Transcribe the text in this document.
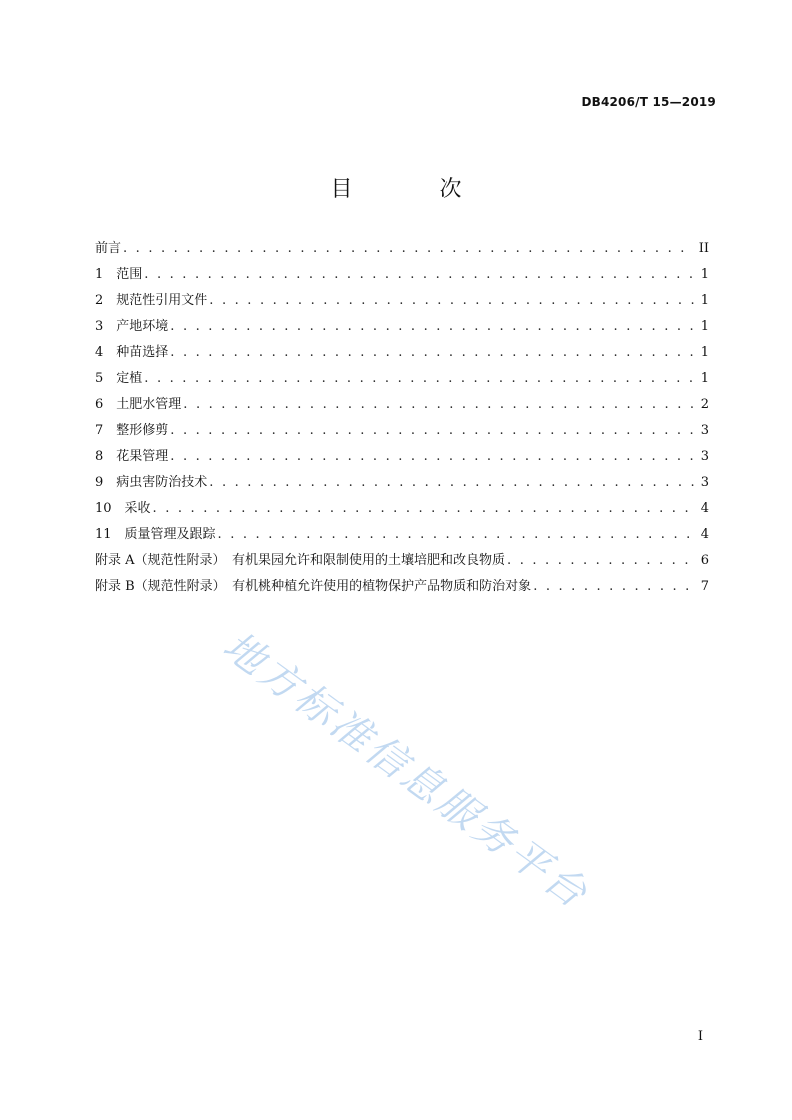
DB4206/T 15—2019
目 次
前言 . . .	II
1　范围 . . .	1
2　规范性引用文件 . . .	1
3　产地环境 . . .	1
4　种苗选择 . . .	1
5　定植 . . .	1
6　土肥水管理 . . .	2
7　整形修剪 . . .	3
8　花果管理 . . .	3
9　病虫害防治技术 . . .	3
10　采收 . . .	4
11　质量管理及跟踪 . . .	4
附录 A（规范性附录）　有机果园允许和限制使用的土壤培肥和改良物质 . . .	6
附录 B（规范性附录）　有机桃种植允许使用的植物保护产品物质和防治对象 . . .	7
地方标准信息服务平台
I
